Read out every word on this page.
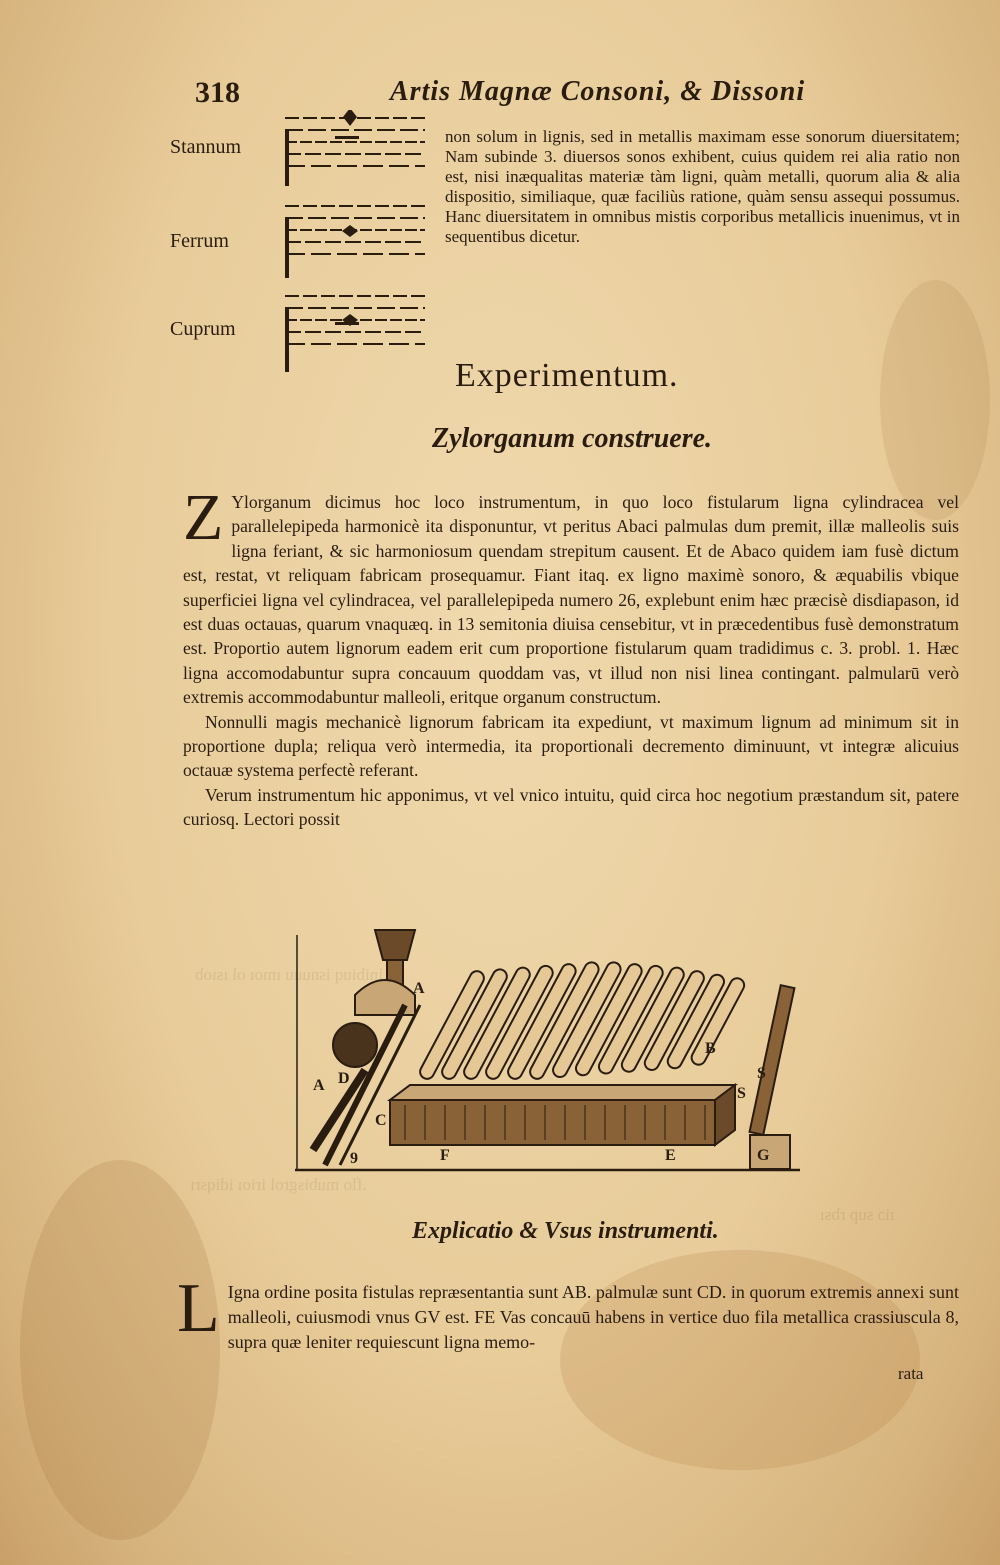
inibiuq isnuuu ımoı ol ısıob
.flo mubisgrol irioı idiqsrı
ıiɔ sup rbsı
318	Artis Magnæ Consoni, & Dissoni
Stannum
Ferrum
Cuprum
non solum in lignis, sed in metallis maximam esse sonorum diuersitatem; Nam subinde 3. diuersos sonos exhibent, cuius quidem rei alia ratio non est, nisi inæqualitas materiæ tàm ligni, quàm metalli, quorum alia & alia dispositio, similiaque, quæ faciliùs ratione, quàm sensu assequi possumus. Hanc diuersitatem in omnibus mistis corporibus metallicis inuenimus, vt in sequentibus dicetur.
Experimentum.
Zylorganum construere.

Z Ylorganum dicimus hoc loco instrumentum, in quo loco fistularum ligna cylindracea vel parallelepipeda harmonicè ita disponuntur, vt peritus Abaci palmulas dum premit, illæ malleolis suis ligna feriant, & sic harmoniosum quendam strepitum causent. Et de Abaco quidem iam fusè dictum est, restat, vt reliquam fabricam prosequamur. Fiant itaq. ex ligno maximè sonoro, & æquabilis vbique superficiei ligna vel cylindracea, vel parallelepipeda numero 26, explebunt enim hæc præcisè disdiapason, id est duas octauas, quarum vnaquæq. in 13 semitonia diuisa censebitur, vt in præcedentibus fusè demonstratum est. Proportio autem lignorum eadem erit cum proportione fistularum quam tradidimus c. 3. probl. 1. Hæc ligna accomodabuntur supra concauum quoddam vas, vt illud non nisi linea contingant. palmularū verò extremis accommodabuntur malleoli, eritque organum constructum.

Nonnulli magis mechanicè lignorum fabricam ita expediunt, vt maximum lignum ad minimum sit in proportione dupla; reliqua verò intermedia, ita proportionali decremento diminuunt, vt integræ alicuius octauæ systema perfectè referant.

Verum instrumentum hic apponimus, vt vel vnico intuitu, quid circa hoc negotium præstandum sit, patere curiosq. Lectori possit

A
A
B
C
D
E
F	G
S
S
9
Explicatio & Vsus instrumenti.
L Igna ordine posita fistulas repræsentantia sunt AB. palmulæ sunt CD. in quorum extremis annexi sunt malleoli, cuiusmodi vnus GV est. FE Vas concauū habens in vertice duo fila metallica crassiuscula 8, supra quæ leniter requiescunt ligna memo-
rata
